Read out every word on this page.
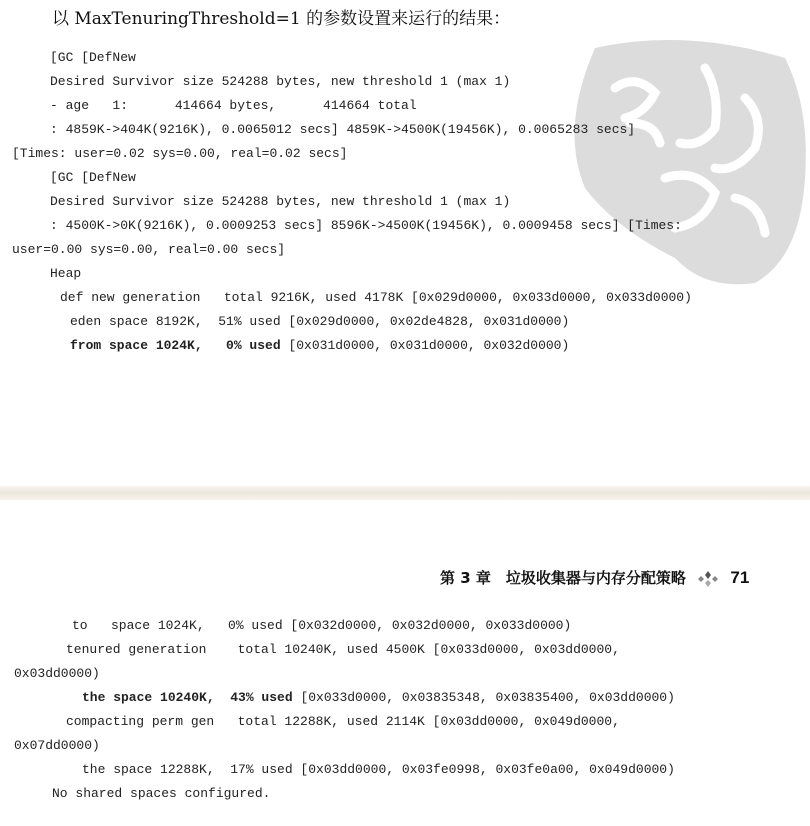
以 MaxTenuringThreshold=1 的参数设置来运行的结果：
[GC [DefNew
Desired Survivor size 524288 bytes, new threshold 1 (max 1)
- age   1:      414664 bytes,      414664 total
: 4859K->404K(9216K), 0.0065012 secs] 4859K->4500K(19456K), 0.0065283 secs]
[Times: user=0.02 sys=0.00, real=0.02 secs]
[GC [DefNew
Desired Survivor size 524288 bytes, new threshold 1 (max 1)
: 4500K->0K(9216K), 0.0009253 secs] 8596K->4500K(19456K), 0.0009458 secs] [Times:
user=0.00 sys=0.00, real=0.00 secs]
Heap
def new generation   total 9216K, used 4178K [0x029d0000, 0x033d0000, 0x033d0000)
eden space 8192K,  51% used [0x029d0000, 0x02de4828, 0x031d0000)
from space 1024K,   0% used [0x031d0000, 0x031d0000, 0x032d0000)
第 3 章　垃圾收集器与内存分配策略	71
to   space 1024K,   0% used [0x032d0000, 0x032d0000, 0x033d0000)
tenured generation    total 10240K, used 4500K [0x033d0000, 0x03dd0000,
0x03dd0000)
the space 10240K,  43% used [0x033d0000, 0x03835348, 0x03835400, 0x03dd0000)
compacting perm gen   total 12288K, used 2114K [0x03dd0000, 0x049d0000,
0x07dd0000)
the space 12288K,  17% used [0x03dd0000, 0x03fe0998, 0x03fe0a00, 0x049d0000)
No shared spaces configured.
